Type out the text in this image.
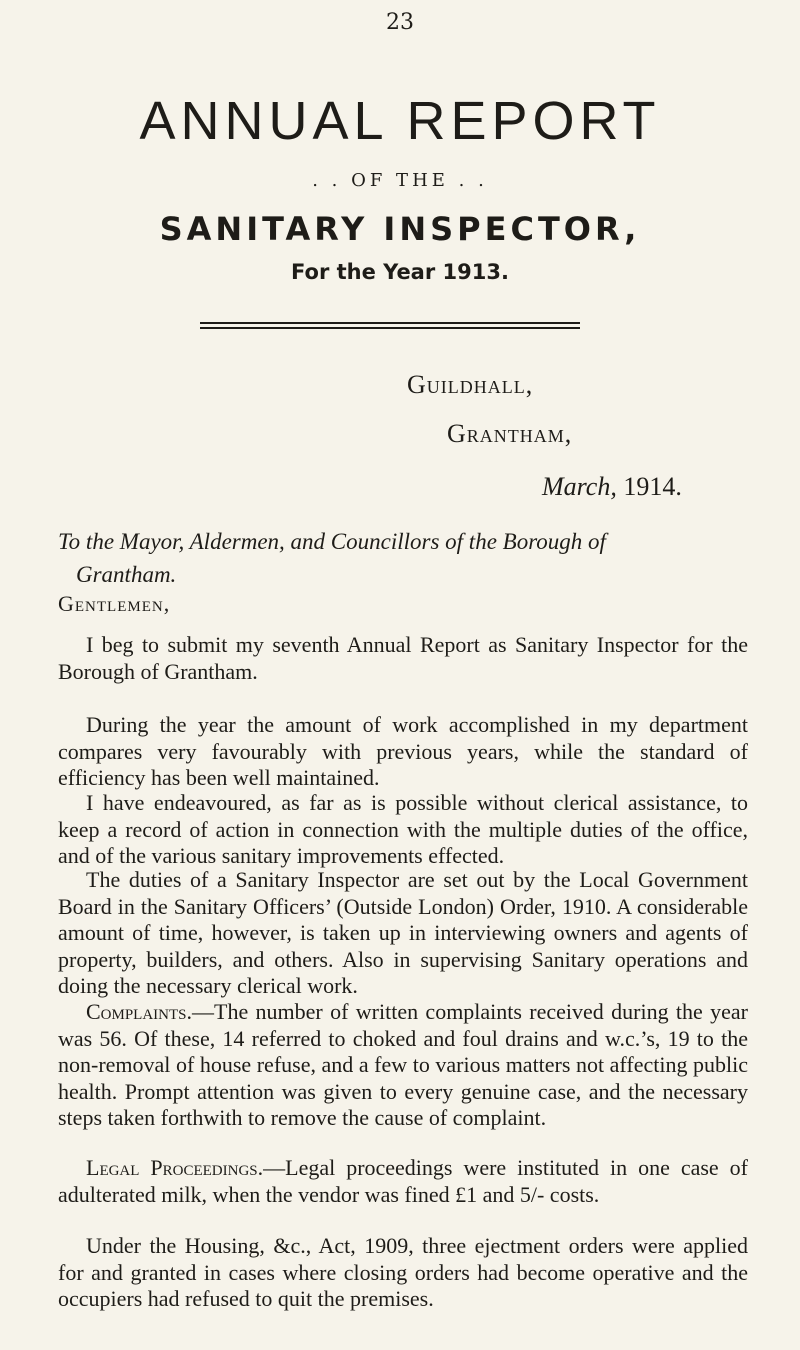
23
ANNUAL REPORT
. . OF THE . .
SANITARY INSPECTOR,
For the Year 1913.
Guildhall,
Grantham,
March, 1914.
To the Mayor, Aldermen, and Councillors of the Borough of
Grantham.
Gentlemen,
I beg to submit my seventh Annual Report as Sanitary Inspector for the Borough of Grantham.
During the year the amount of work accomplished in my department compares very favourably with previous years, while the standard of efficiency has been well maintained.
I have endeavoured, as far as is possible without clerical assistance, to keep a record of action in connection with the multiple duties of the office, and of the various sanitary improvements effected.
The duties of a Sanitary Inspector are set out by the Local Government Board in the Sanitary Officers’ (Outside London) Order, 1910. A considerable amount of time, however, is taken up in interviewing owners and agents of property, builders, and others. Also in supervising Sanitary operations and doing the necessary clerical work.
Complaints.—The number of written complaints received during the year was 56. Of these, 14 referred to choked and foul drains and w.c.’s, 19 to the non-removal of house refuse, and a few to various matters not affecting public health. Prompt attention was given to every genuine case, and the necessary steps taken forthwith to remove the cause of complaint.
Legal Proceedings.—Legal proceedings were instituted in one case of adulterated milk, when the vendor was fined £1 and 5/- costs.
Under the Housing, &c., Act, 1909, three ejectment orders were applied for and granted in cases where closing orders had become operative and the occupiers had refused to quit the premises.
